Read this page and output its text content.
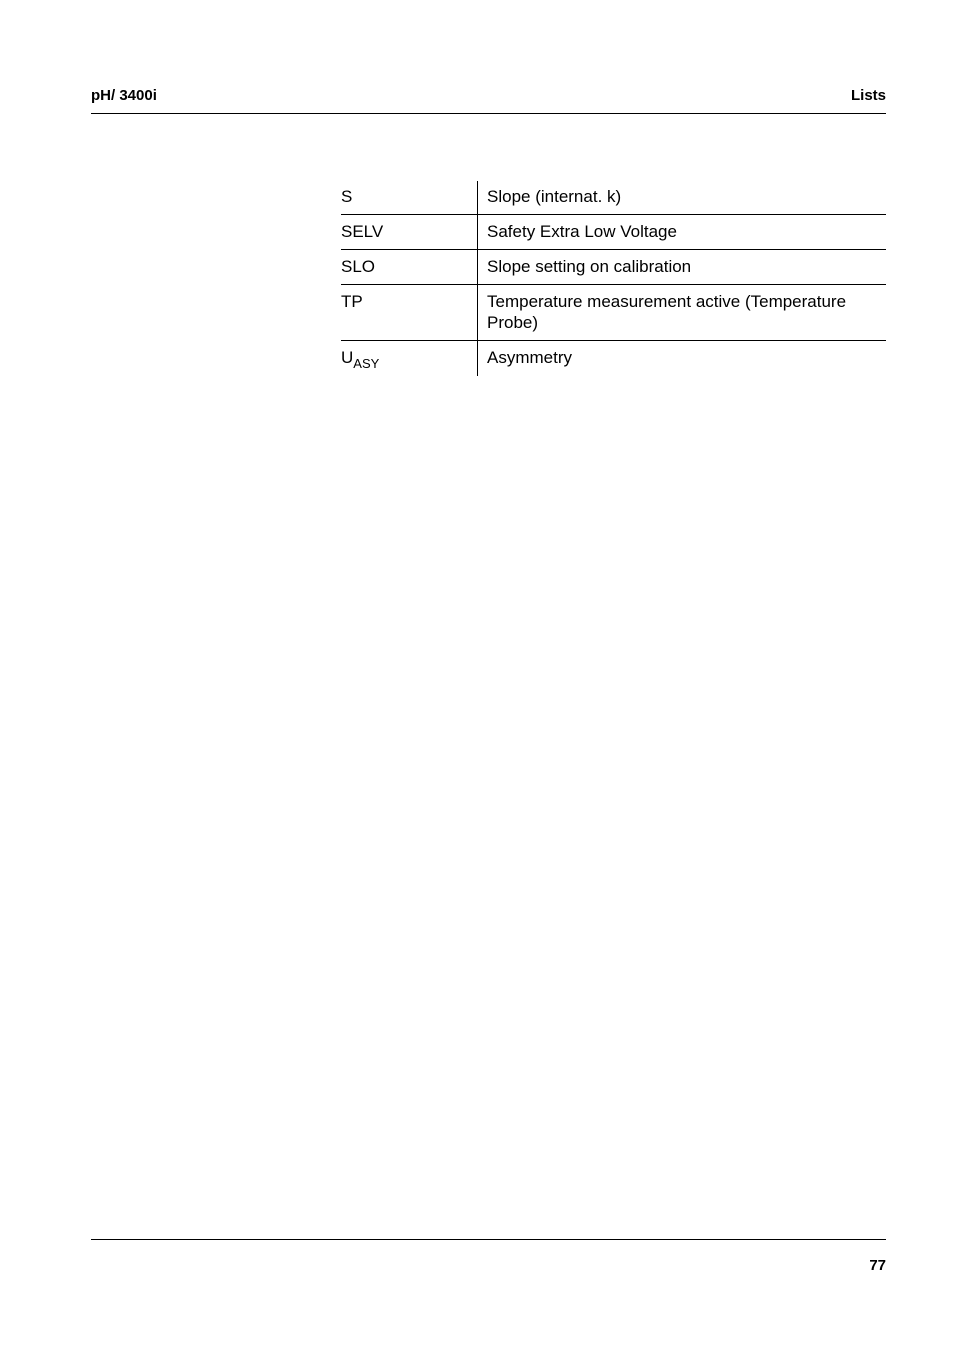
pH/ 3400i	Lists
S	Slope (internat. k)
SELV	Safety Extra Low Voltage
SLO	Slope setting on calibration
TP	Temperature measurement active (Temperature Probe)
$U_{ASY}$	Asymmetry
77
